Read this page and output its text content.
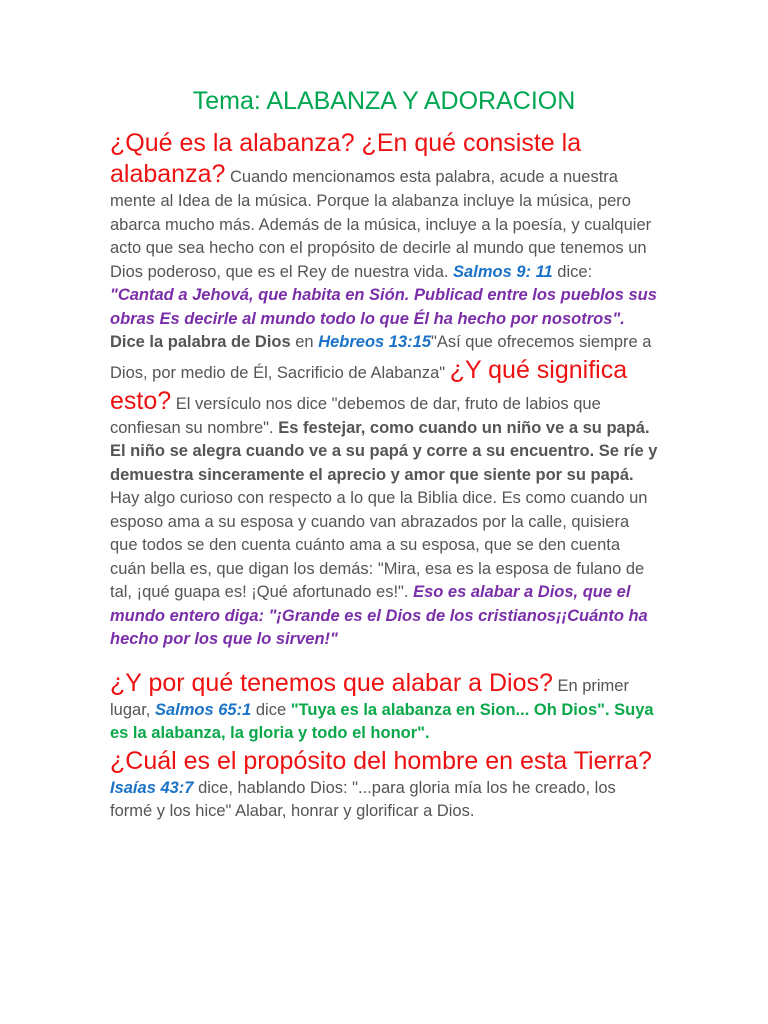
Tema: ALABANZA Y ADORACION

¿Qué es la alabanza? ¿En qué consiste la alabanza? Cuando mencionamos esta palabra, acude a nuestra mente al Idea de la música. Porque la alabanza incluye la música, pero abarca mucho más. Además de la música, incluye a la poesía, y cualquier acto que sea hecho con el propósito de decirle al mundo que tenemos un Dios poderoso, que es el Rey de nuestra vida. Salmos 9: 11 dice: "Cantad a Jehová, que habita en Sión. Publicad entre los pueblos sus obras Es decirle al mundo todo lo que Él ha hecho por nosotros". Dice la palabra de Dios en Hebreos 13:15"Así que ofrecemos siempre a Dios, por medio de Él, Sacrificio de Alabanza" ¿Y qué significa esto? El versículo nos dice "debemos de dar, fruto de labios que confiesan su nombre". Es festejar, como cuando un niño ve a su papá. El niño se alegra cuando ve a su papá y corre a su encuentro. Se ríe y demuestra sinceramente el aprecio y amor que siente por su papá. Hay algo curioso con respecto a lo que la Biblia dice. Es como cuando un esposo ama a su esposa y cuando van abrazados por la calle, quisiera que todos se den cuenta cuánto ama a su esposa, que se den cuenta cuán bella es, que digan los demás: "Mira, esa es la esposa de fulano de tal, ¡qué guapa es! ¡Qué afortunado es!". Eso es alabar a Dios, que el mundo entero diga: "¡Grande es el Dios de los cristianos¡¡Cuánto ha hecho por los que lo sirven!"

¿Y por qué tenemos que alabar a Dios? En primer lugar, Salmos 65:1 dice "Tuya es la alabanza en Sion... Oh Dios". Suya es la alabanza, la gloria y todo el honor".

¿Cuál es el propósito del hombre en esta Tierra? Isaías 43:7 dice, hablando Dios: "...para gloria mía los he creado, los formé y los hice" Alabar, honrar y glorificar a Dios.
